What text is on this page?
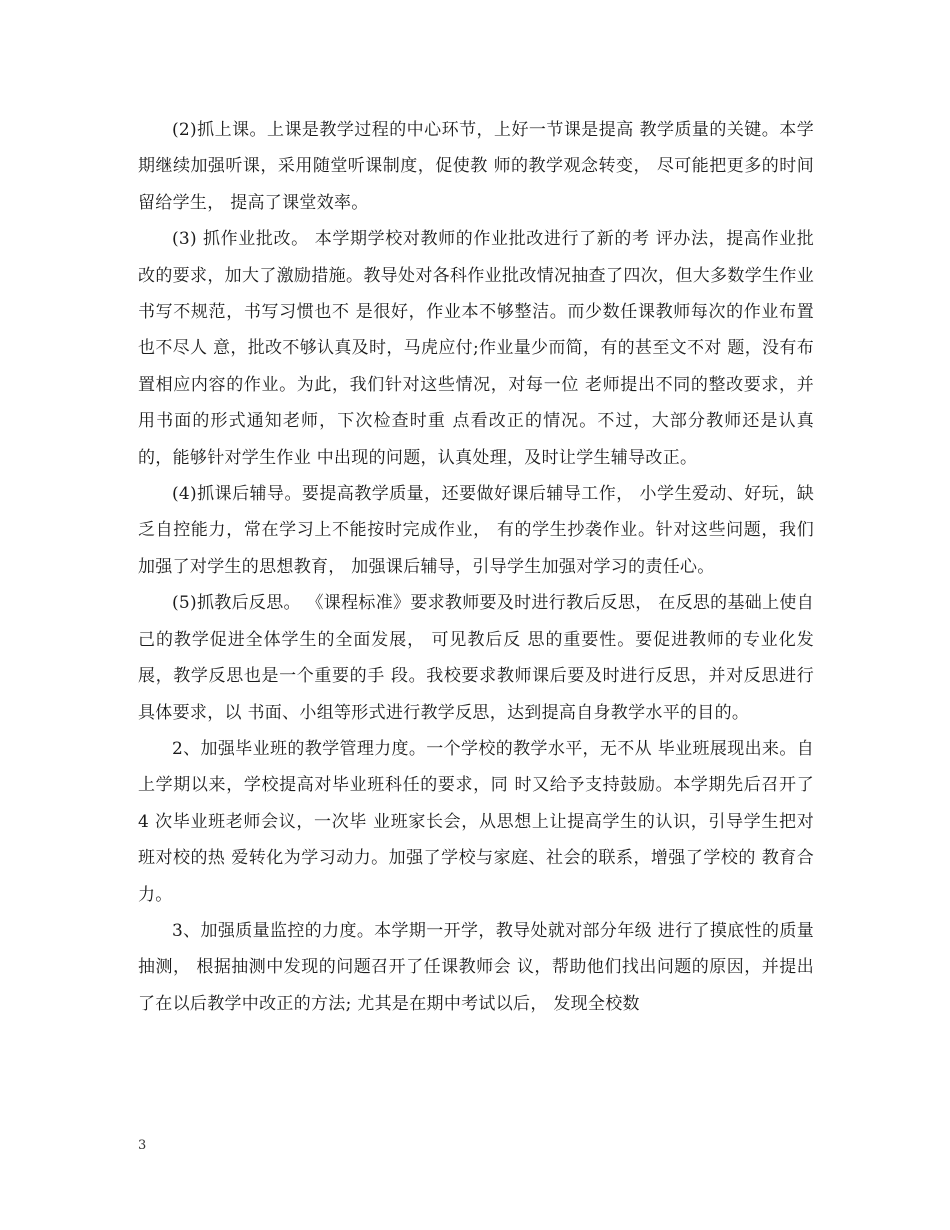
(2)抓上课。上课是教学过程的中心环节，上好一节课是提高 教学质量的关键。本学期继续加强听课，采用随堂听课制度，促使教 师的教学观念转变， 尽可能把更多的时间留给学生， 提高了课堂效率。

(3) 抓作业批改。 本学期学校对教师的作业批改进行了新的考 评办法，提高作业批改的要求，加大了激励措施。教导处对各科作业批改情况抽查了四次，但大多数学生作业书写不规范，书写习惯也不 是很好，作业本不够整洁。而少数任课教师每次的作业布置也不尽人 意，批改不够认真及时，马虎应付;作业量少而简，有的甚至文不对 题，没有布置相应内容的作业。为此，我们针对这些情况，对每一位 老师提出不同的整改要求，并用书面的形式通知老师，下次检查时重 点看改正的情况。不过，大部分教师还是认真的，能够针对学生作业 中出现的问题，认真处理，及时让学生辅导改正。

(4)抓课后辅导。要提高教学质量，还要做好课后辅导工作， 小学生爱动、好玩，缺乏自控能力，常在学习上不能按时完成作业， 有的学生抄袭作业。针对这些问题，我们加强了对学生的思想教育， 加强课后辅导，引导学生加强对学习的责任心。

(5)抓教后反思。 《课程标准》要求教师要及时进行教后反思， 在反思的基础上使自己的教学促进全体学生的全面发展， 可见教后反 思的重要性。要促进教师的专业化发展，教学反思也是一个重要的手 段。我校要求教师课后要及时进行反思，并对反思进行具体要求，以 书面、小组等形式进行教学反思，达到提高自身教学水平的目的。

2、加强毕业班的教学管理力度。一个学校的教学水平，无不从 毕业班展现出来。自上学期以来，学校提高对毕业班科任的要求，同 时又给予支持鼓励。本学期先后召开了 4 次毕业班老师会议，一次毕 业班家长会，从思想上让提高学生的认识，引导学生把对班对校的热 爱转化为学习动力。加强了学校与家庭、社会的联系，增强了学校的 教育合力。

3、加强质量监控的力度。本学期一开学，教导处就对部分年级 进行了摸底性的质量抽测， 根据抽测中发现的问题召开了任课教师会 议，帮助他们找出问题的原因，并提出了在以后教学中改正的方法; 尤其是在期中考试以后， 发现全校数

3
